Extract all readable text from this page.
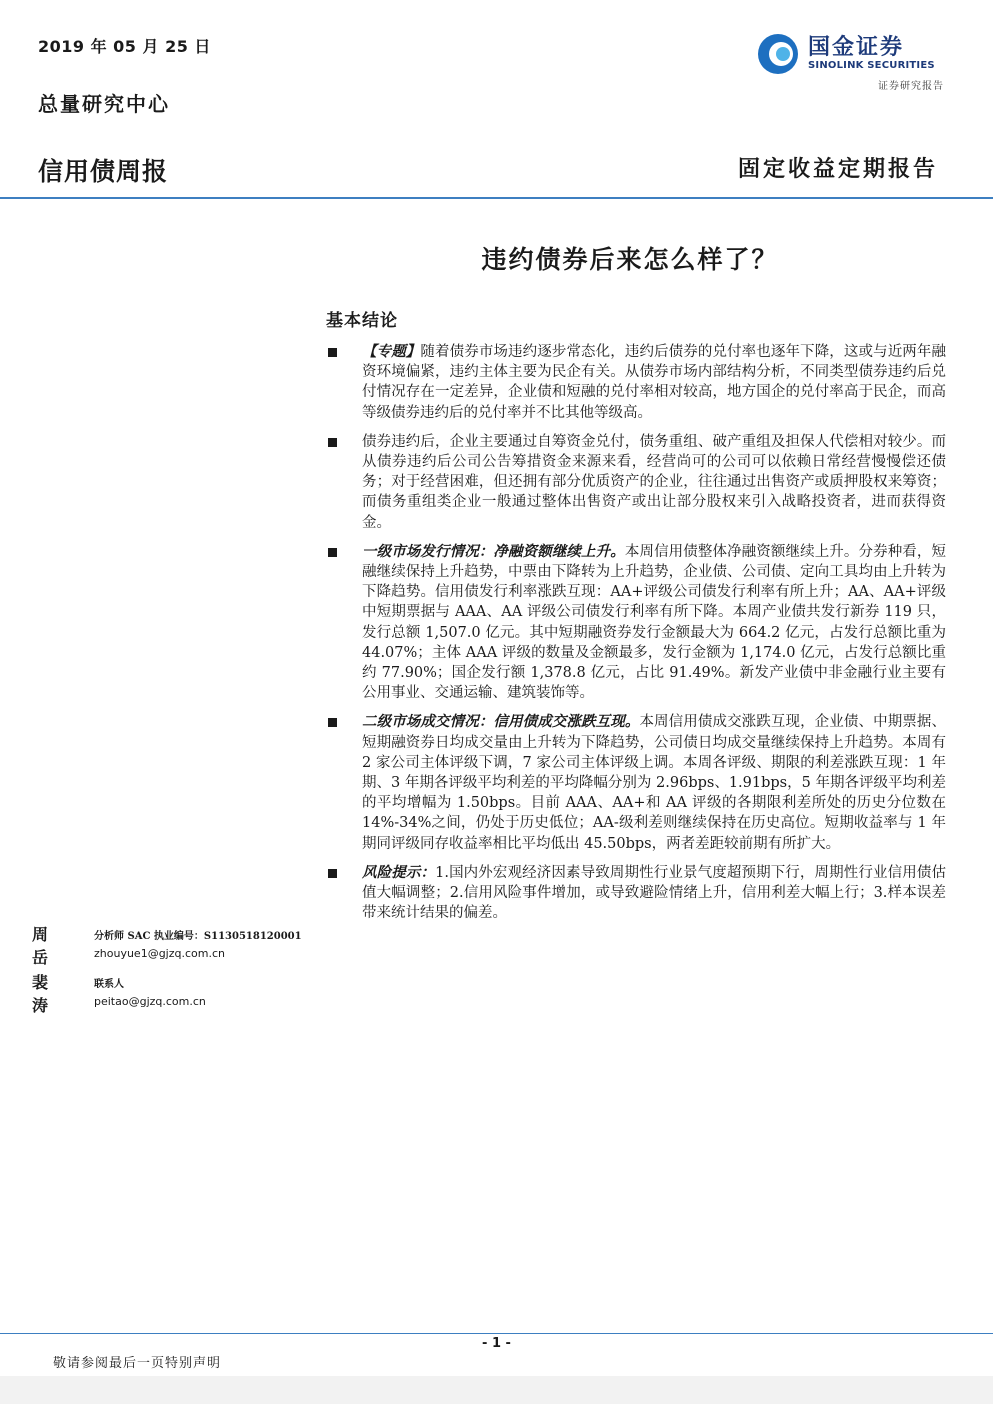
2019 年 05 月 25 日
总量研究中心
信用债周报	固定收益定期报告
国金证券
SINOLINK SECURITIES
证券研究报告
违约债券后来怎么样了？
基本结论
【专题】随着债券市场违约逐步常态化，违约后债券的兑付率也逐年下降，这或与近两年融资环境偏紧，违约主体主要为民企有关。从债券市场内部结构分析，不同类型债券违约后兑付情况存在一定差异，企业债和短融的兑付率相对较高，地方国企的兑付率高于民企，而高等级债券违约后的兑付率并不比其他等级高。
债券违约后，企业主要通过自筹资金兑付，债务重组、破产重组及担保人代偿相对较少。而从债券违约后公司公告筹措资金来源来看，经营尚可的公司可以依赖日常经营慢慢偿还债务；对于经营困难，但还拥有部分优质资产的企业，往往通过出售资产或质押股权来筹资；而债务重组类企业一般通过整体出售资产或出让部分股权来引入战略投资者，进而获得资金。
一级市场发行情况：净融资额继续上升。本周信用债整体净融资额继续上升。分券种看，短融继续保持上升趋势，中票由下降转为上升趋势，企业债、公司债、定向工具均由上升转为下降趋势。信用债发行利率涨跌互现：AA+评级公司债发行利率有所上升；AA、AA+评级中短期票据与 AAA、AA 评级公司债发行利率有所下降。本周产业债共发行新券 119 只，发行总额 1,507.0 亿元。其中短期融资券发行金额最大为 664.2 亿元，占发行总额比重为 44.07%；主体 AAA 评级的数量及金额最多，发行金额为 1,174.0 亿元，占发行总额比重约 77.90%；国企发行额 1,378.8 亿元，占比 91.49%。新发产业债中非金融行业主要有公用事业、交通运输、建筑装饰等。
二级市场成交情况：信用债成交涨跌互现。本周信用债成交涨跌互现，企业债、中期票据、短期融资券日均成交量由上升转为下降趋势，公司债日均成交量继续保持上升趋势。本周有 2 家公司主体评级下调，7 家公司主体评级上调。本周各评级、期限的利差涨跌互现：1 年期、3 年期各评级平均利差的平均降幅分别为 2.96bps、1.91bps，5 年期各评级平均利差的平均增幅为 1.50bps。目前 AAA、AA+和 AA 评级的各期限利差所处的历史分位数在 14%-34%之间，仍处于历史低位；AA-级利差则继续保持在历史高位。短期收益率与 1 年期同评级同存收益率相比平均低出 45.50bps，两者差距较前期有所扩大。
风险提示：1.国内外宏观经济因素导致周期性行业景气度超预期下行，周期性行业信用债估值大幅调整；2.信用风险事件增加，或导致避险情绪上升，信用利差大幅上行；3.样本误差带来统计结果的偏差。
周岳
分析师 SAC 执业编号：S1130518120001
zhouyue1@gjzq.com.cn
裴涛
联系人
peitao@gjzq.com.cn
- 1 -
敬请参阅最后一页特别声明
